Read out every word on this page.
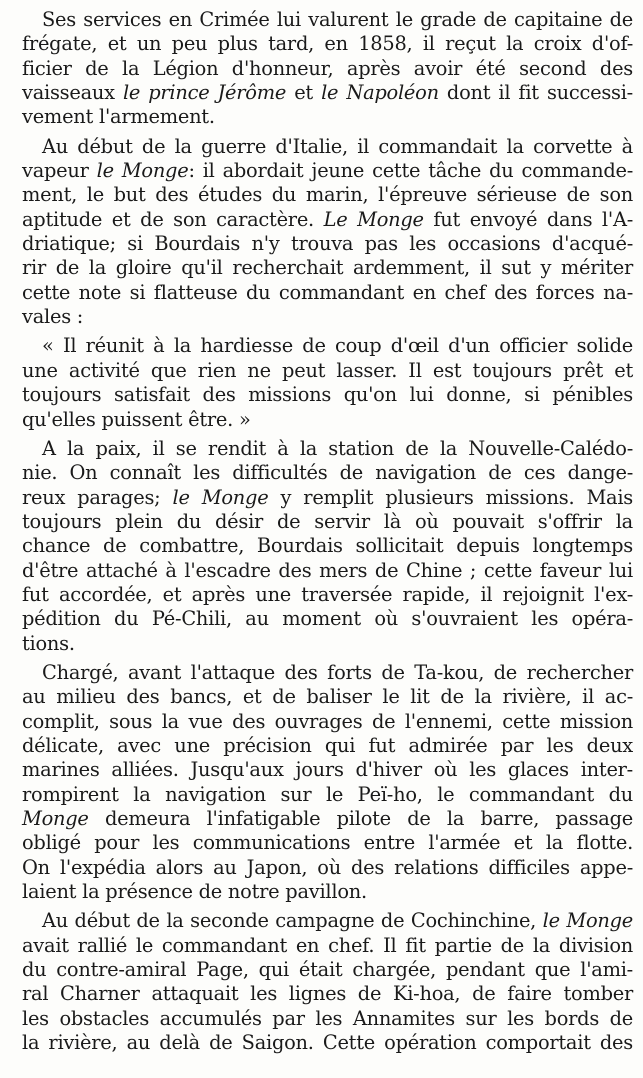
Ses services en Crimée lui valurent le grade de capitaine de
frégate, et un peu plus tard, en 1858, il reçut la croix d'of-
ficier de la Légion d'honneur, après avoir été second des
vaisseaux le prince Jérôme et le Napoléon dont il fit successi-
vement l'armement.
Au début de la guerre d'Italie, il commandait la corvette à
vapeur le Monge: il abordait jeune cette tâche du commande-
ment, le but des études du marin, l'épreuve sérieuse de son
aptitude et de son caractère. Le Monge fut envoyé dans l'A-
driatique; si Bourdais n'y trouva pas les occasions d'acqué-
rir de la gloire qu'il recherchait ardemment, il sut y mériter
cette note si flatteuse du commandant en chef des forces na-
vales :
« Il réunit à la hardiesse de coup d'œil d'un officier solide
une activité que rien ne peut lasser. Il est toujours prêt et
toujours satisfait des missions qu'on lui donne, si pénibles
qu'elles puissent être. »
A la paix, il se rendit à la station de la Nouvelle-Calédo-
nie. On connaît les difficultés de navigation de ces dange-
reux parages; le Monge y remplit plusieurs missions. Mais
toujours plein du désir de servir là où pouvait s'offrir la
chance de combattre, Bourdais sollicitait depuis longtemps
d'être attaché à l'escadre des mers de Chine ; cette faveur lui
fut accordée, et après une traversée rapide, il rejoignit l'ex-
pédition du Pé-Chili, au moment où s'ouvraient les opéra-
tions.
Chargé, avant l'attaque des forts de Ta-kou, de rechercher
au milieu des bancs, et de baliser le lit de la rivière, il ac-
complit, sous la vue des ouvrages de l'ennemi, cette mission
délicate, avec une précision qui fut admirée par les deux
marines alliées. Jusqu'aux jours d'hiver où les glaces inter-
rompirent la navigation sur le Peï-ho, le commandant du
Monge demeura l'infatigable pilote de la barre, passage
obligé pour les communications entre l'armée et la flotte.
On l'expédia alors au Japon, où des relations difficiles appe-
laient la présence de notre pavillon.
Au début de la seconde campagne de Cochinchine, le Monge
avait rallié le commandant en chef. Il fit partie de la division
du contre-amiral Page, qui était chargée, pendant que l'ami-
ral Charner attaquait les lignes de Ki-hoa, de faire tomber
les obstacles accumulés par les Annamites sur les bords de
la rivière, au delà de Saigon. Cette opération comportait des
